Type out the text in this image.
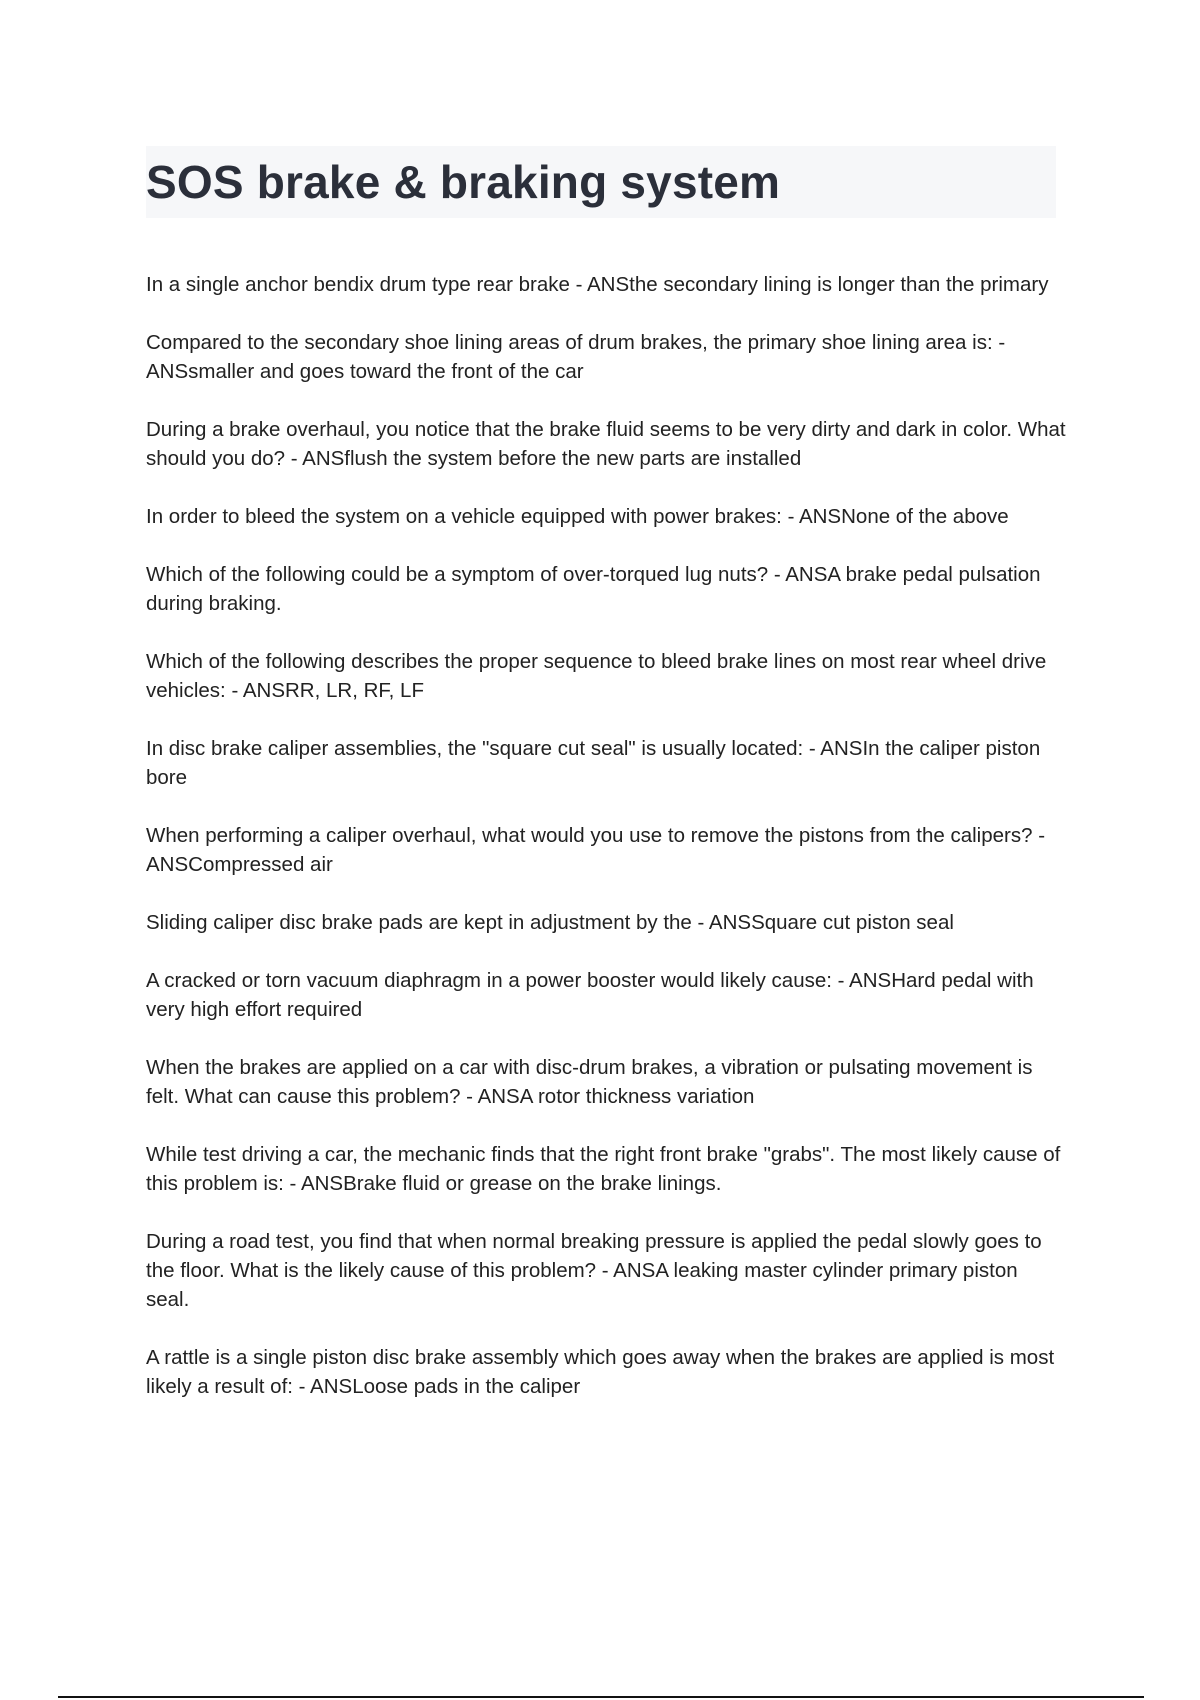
SOS brake & braking system

In a single anchor bendix drum type rear brake - ANSthe secondary lining is longer than the primary

Compared to the secondary shoe lining areas of drum brakes, the primary shoe lining area is: - ANSsmaller and goes toward the front of the car

During a brake overhaul, you notice that the brake fluid seems to be very dirty and dark in color. What should you do? - ANSflush the system before the new parts are installed

In order to bleed the system on a vehicle equipped with power brakes: - ANSNone of the above

Which of the following could be a symptom of over-torqued lug nuts? - ANSA brake pedal pulsation during braking.

Which of the following describes the proper sequence to bleed brake lines on most rear wheel drive vehicles: - ANSRR, LR, RF, LF

In disc brake caliper assemblies, the "square cut seal" is usually located: - ANSIn the caliper piston bore

When performing a caliper overhaul, what would you use to remove the pistons from the calipers? - ANSCompressed air

Sliding caliper disc brake pads are kept in adjustment by the - ANSSquare cut piston seal

A cracked or torn vacuum diaphragm in a power booster would likely cause: - ANSHard pedal with very high effort required

When the brakes are applied on a car with disc-drum brakes, a vibration or pulsating movement is felt. What can cause this problem? - ANSA rotor thickness variation

While test driving a car, the mechanic finds that the right front brake "grabs". The most likely cause of this problem is: - ANSBrake fluid or grease on the brake linings.

During a road test, you find that when normal breaking pressure is applied the pedal slowly goes to the floor. What is the likely cause of this problem? - ANSA leaking master cylinder primary piston seal.

A rattle is a single piston disc brake assembly which goes away when the brakes are applied is most likely a result of: - ANSLoose pads in the caliper
